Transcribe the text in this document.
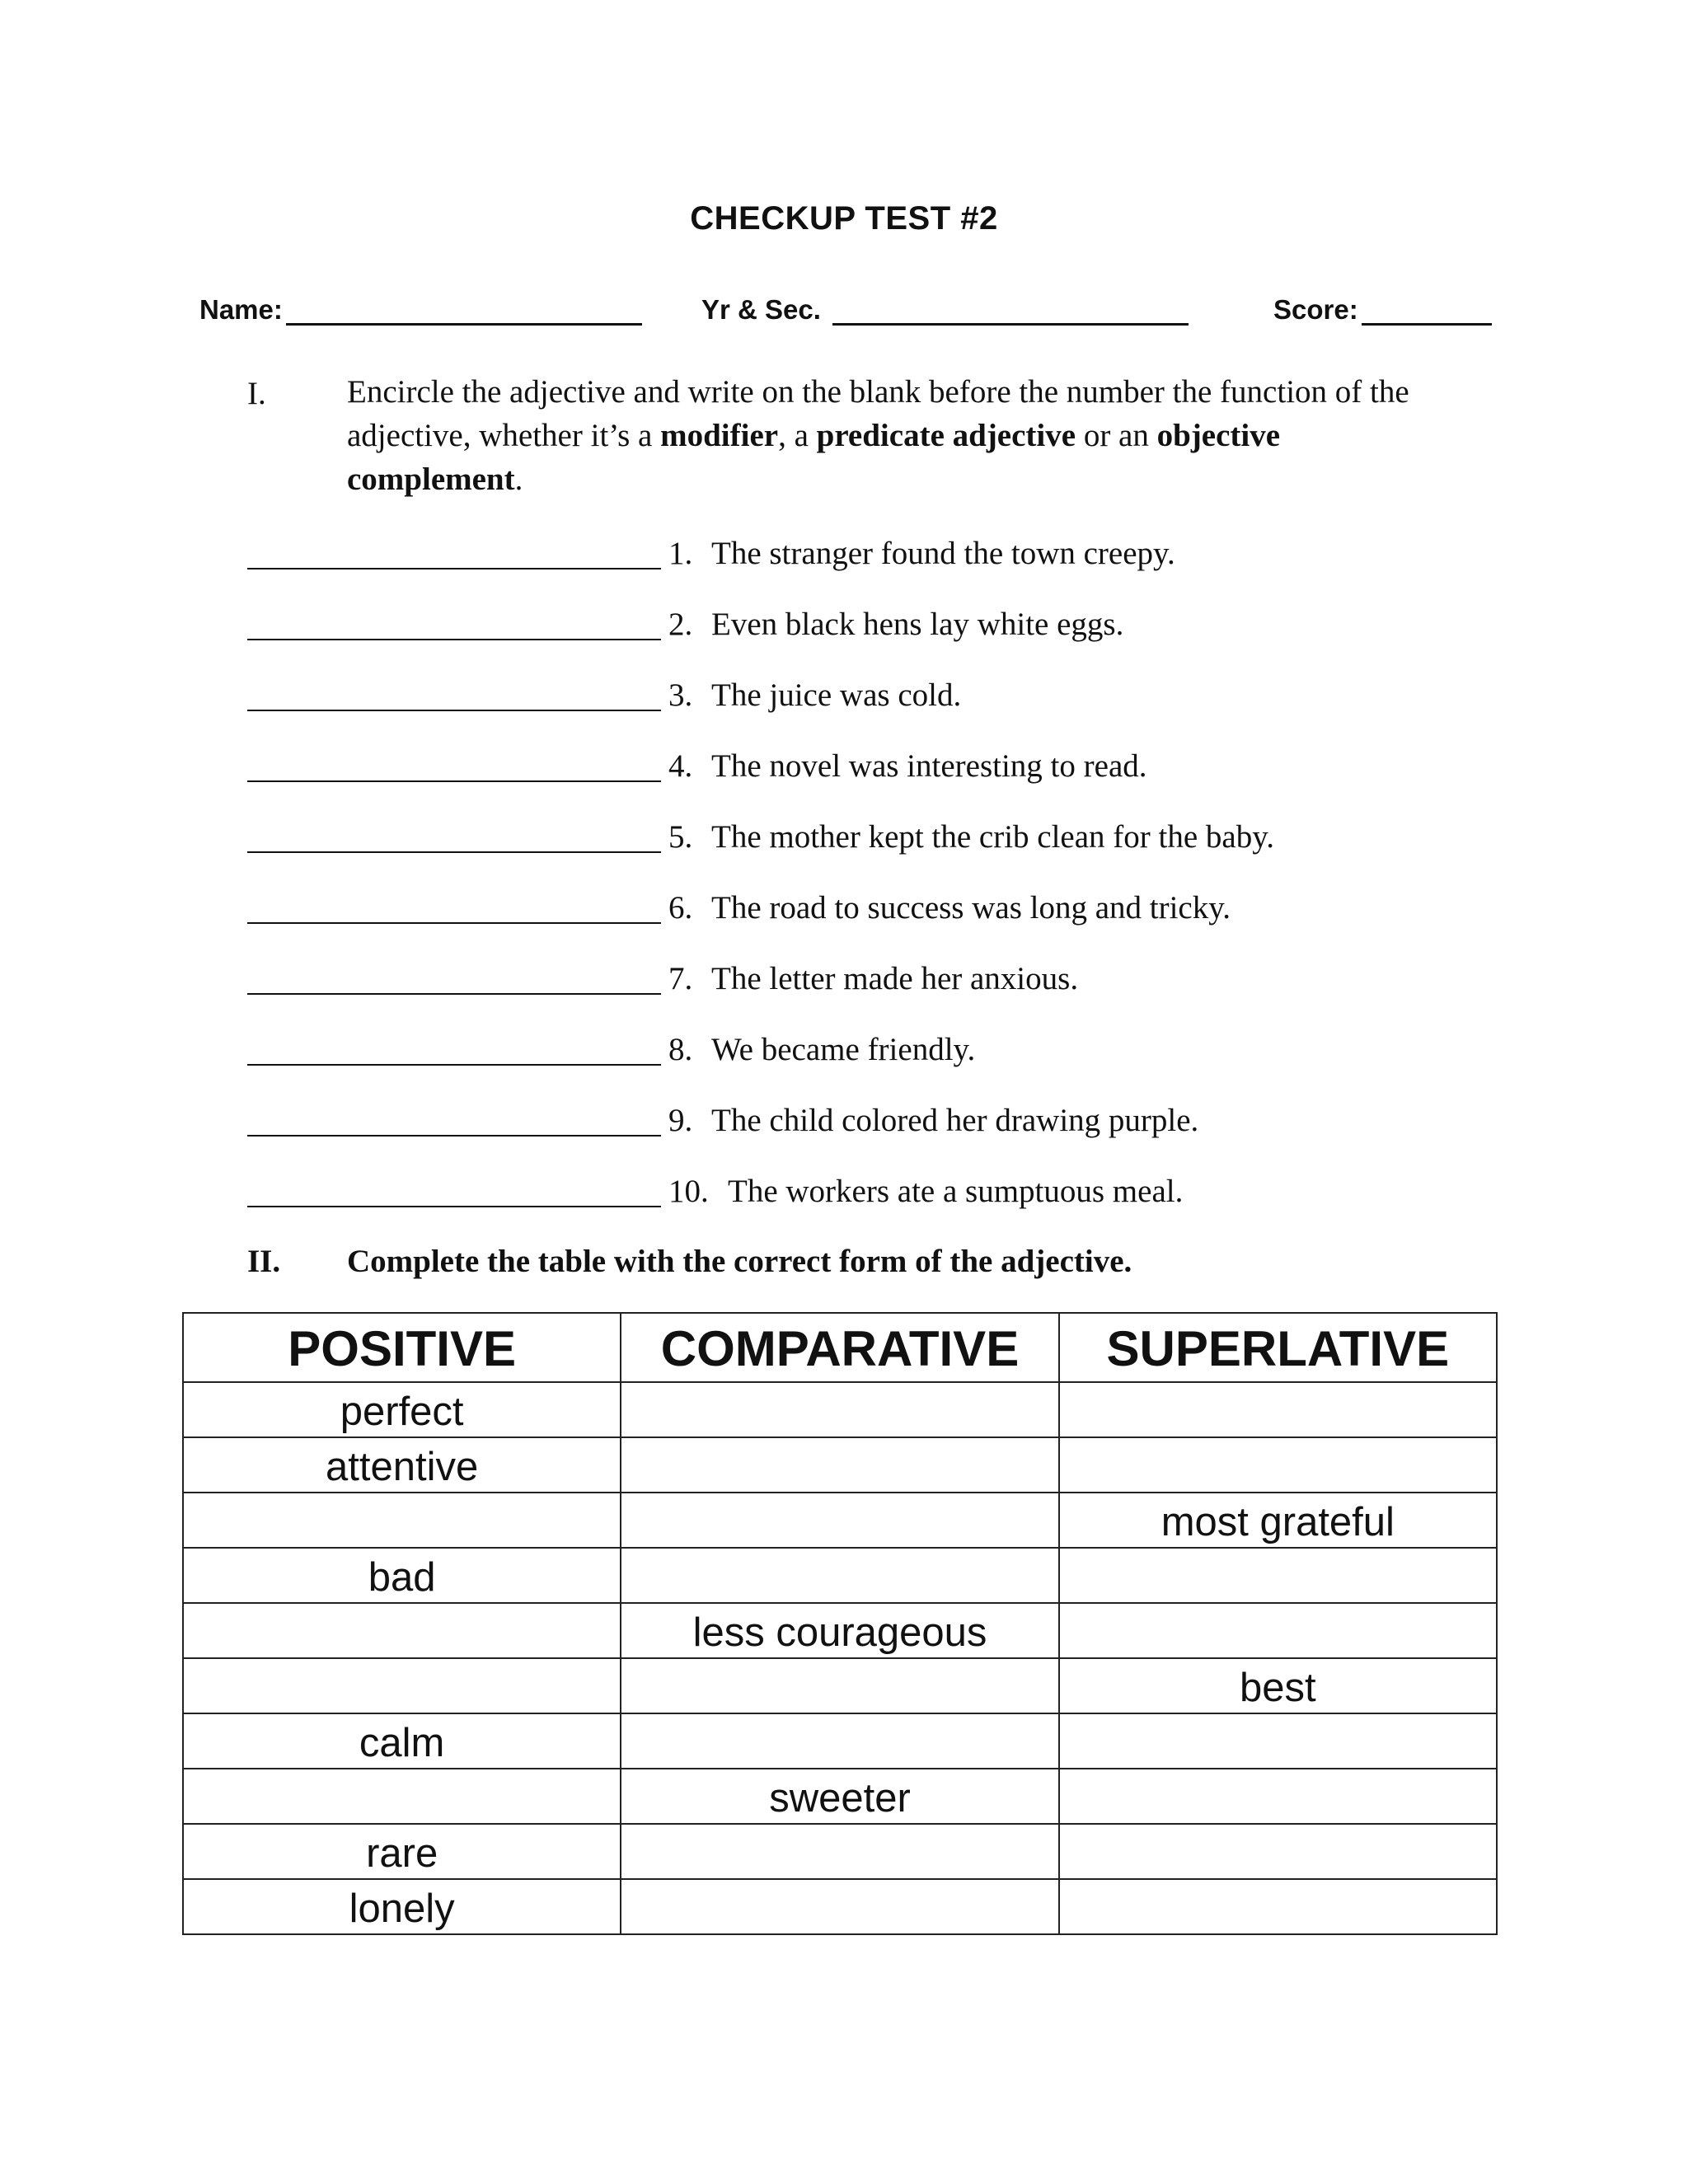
CHECKUP TEST #2
Name:	Yr & Sec.	Score:
I.	Encircle the adjective and write on the blank before the number the function of the adjective, whether it’s a modifier, a predicate adjective or an objective complement.
1. The stranger found the town creepy.
2. Even black hens lay white eggs.
3. The juice was cold.
4. The novel was interesting to read.
5. The mother kept the crib clean for the baby.
6. The road to success was long and tricky.
7. The letter made her anxious.
8. We became friendly.
9. The child colored her drawing purple.
10. The workers ate a sumptuous meal.
II. Complete the table with the correct form of the adjective.
POSITIVE	COMPARATIVE	SUPERLATIVE
perfect		
attentive		
		most grateful
bad		
	less courageous	
		best
calm		
	sweeter	
rare		
lonely		
